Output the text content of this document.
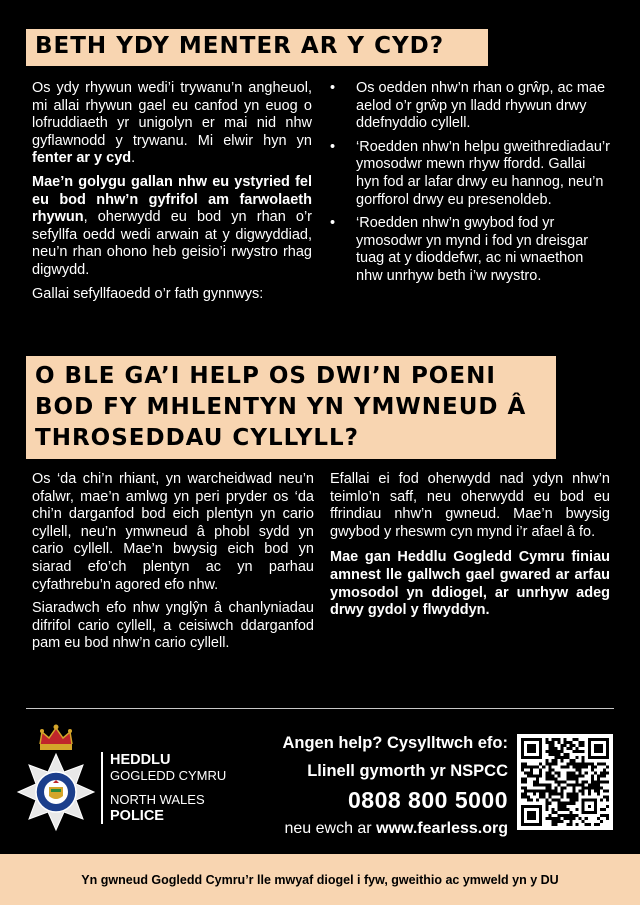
BETH YDY MENTER AR Y CYD?

Os ydy rhywun wedi’i trywanu’n angheuol, mi allai rhywun gael eu canfod yn euog o lofruddiaeth yr unigolyn er mai nid nhw gyflawnodd y trywanu. Mi elwir hyn yn fenter ar y cyd.

Mae’n golygu gallan nhw eu ystyried fel eu bod nhw’n gyfrifol am farwolaeth rhywun, oherwydd eu bod yn rhan o’r sefyllfa oedd wedi arwain at y digwyddiad, neu’n rhan ohono heb geisio’i rwystro rhag digwydd.

Gallai sefyllfaoedd o’r fath gynnwys:

• Os oedden nhw’n rhan o grŵp, ac mae aelod o’r grŵp yn lladd rhywun drwy ddefnyddio cyllell.
• ‘Roedden nhw’n helpu gweithrediadau’r ymosodwr mewn rhyw ffordd. Gallai hyn fod ar lafar drwy eu hannog, neu’n gorfforol drwy eu presenoldeb.
• ‘Roedden nhw’n gwybod fod yr ymosodwr yn mynd i fod yn dreisgar tuag at y dioddefwr, ac ni wnaethon nhw unrhyw beth i’w rwystro.
O BLE GA’I HELP OS DWI’N POENI BOD FY MHLENTYN YN YMWNEUD Â THROSEDDAU CYLLYLL?

Os ‘da chi’n rhiant, yn warcheidwad neu’n ofalwr, mae’n amlwg yn peri pryder os ‘da chi’n darganfod bod eich plentyn yn cario cyllell, neu’n ymwneud â phobl sydd yn cario cyllell. Mae’n bwysig eich bod yn siarad efo’ch plentyn ac yn parhau cyfathrebu’n agored efo nhw.

Siaradwch efo nhw ynglŷn â chanlyniadau difrifol cario cyllell, a ceisiwch ddarganfod pam eu bod nhw’n cario cyllell.

Efallai ei fod oherwydd nad ydyn nhw’n teimlo’n saff, neu oherwydd eu bod eu ffrindiau nhw’n gwneud. Mae’n bwysig gwybod y rheswm cyn mynd i’r afael â fo.

Mae gan Heddlu Gogledd Cymru finiau amnest lle gallwch gael gwared ar arfau ymosodol yn ddiogel, ar unrhyw adeg drwy gydol y flwyddyn.

HEDDLU
GOGLEDD CYMRU
NORTH WALES
POLICE
Angen help? Cysylltwch efo:
Llinell gymorth yr NSPCC
0808 800 5000
neu ewch ar www.fearless.org
Yn gwneud Gogledd Cymru’r lle mwyaf diogel i fyw, gweithio ac ymweld yn y DU
